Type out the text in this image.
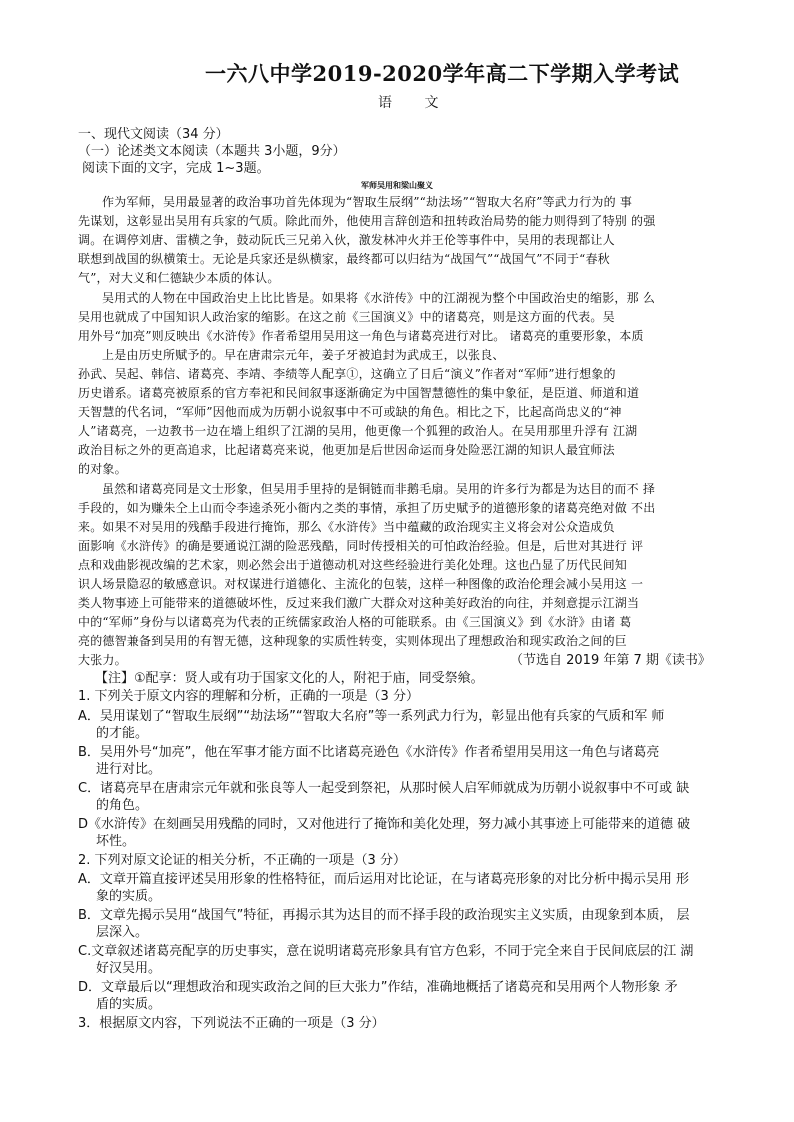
一六八中学2019-2020学年高二下学期入学考试
语 文
一、现代文阅读（34 分）
（一）论述类文本阅读（本题共 3小题，9分）
阅读下面的文字，完成 1~3题。
军师吴用和梁山聚义
作为军师，吴用最显著的政治事功首先体现为“智取生辰纲”“劫法场”“智取大名府”等武力行为的 事
先谋划，这彰显出吴用有兵家的气质。除此而外，他使用言辞创造和扭转政治局势的能力则得到了特别 的强
调。在调停刘唐、雷横之争，鼓动阮氏三兄弟入伙，激发林冲火并王伦等事件中，吴用的表现都让人
联想到战国的纵横策士。无论是兵家还是纵横家，最终都可以归结为“战国气”“战国气”不同于“春秋
气”，对大义和仁德缺少本质的体认。
吴用式的人物在中国政治史上比比皆是。如果将《水浒传》中的江湖视为整个中国政治史的缩影，那 么
吴用也就成了中国知识人政治家的缩影。在这之前《三国演义》中的诸葛亮，则是这方面的代表。吴
用外号“加亮”则反映出《水浒传》作者希望用吴用这一角色与诸葛亮进行对比。 诸葛亮的重要形象，本质
上是由历史所赋予的。早在唐肃宗元年，姜子牙被追封为武成王，以张良、
孙武、吴起、韩信、诸葛亮、李靖、李绩等人配享①，这确立了日后“演义”作者对“军师”进行想象的
历史谱系。诸葛亮被原系的官方奉祀和民间叙事逐渐确定为中国智慧德性的集中象征，是臣道、师道和道
天智慧的代名词，“军师”因他而成为历朝小说叙事中不可或缺的角色。相比之下，比起高尚忠义的“神
人”诸葛亮，一边教书一边在墙上组织了江湖的吴用，他更像一个狐狸的政治人。在吴用那里升浮有 江湖
政治目标之外的更高追求，比起诸葛亮来说，他更加是后世因命运而身处险恶江湖的知识人最宜师法
的对象。
虽然和诸葛亮同是文士形象，但吴用手里持的是铜链而非鹅毛扇。吴用的许多行为都是为达目的而不 择
手段的，如为赚朱仝上山而令李逵杀死小衙内之类的事情，承担了历史赋予的道德形象的诸葛亮绝对做 不出
来。如果不对吴用的残酷手段进行掩饰，那么《水浒传》当中蕴藏的政治现实主义将会对公众造成负
面影响《水浒传》的确是要通说江湖的险恶残酷，同时传授相关的可怕政治经验。但是，后世对其进行 评
点和戏曲影视改编的艺术家，则必然会出于道德动机对这些经验进行美化处理。这也凸显了历代民间知
识人场景隐忍的敏感意识。对权谋进行道德化、主流化的包装，这样一种图像的政治伦理会减小吴用这 一
类人物事迹上可能带来的道德破坏性，反过来我们激广大群众对这种美好政治的向往，并刻意提示江湖当
中的“军师”身份与以诸葛亮为代表的正统儒家政治人格的可能联系。由《三国演义》到《水浒》由诸 葛
亮的德智兼备到吴用的有智无德，这种现象的实质性转变，实则体现出了理想政治和现实政治之间的巨
大张力。	（节选自 2019 年第 7 期《读书》
【注】①配享：贤人或有功于国家文化的人，附祀于庙，同受祭飨。
1. 下列关于原文内容的理解和分析，正确的一项是（3 分）
A．吴用谋划了“智取生辰纲”“劫法场”“智取大名府”等一系列武力行为，彰显出他有兵家的气质和军 师
的才能。
B．吴用外号“加亮”，他在军事才能方面不比诸葛亮逊色《水浒传》作者希望用吴用这一角色与诸葛亮
进行对比。
C．诸葛亮早在唐肃宗元年就和张良等人一起受到祭祀，从那时候人启军师就成为历朝小说叙事中不可或 缺
的角色。
D《水浒传》在刻画吴用残酷的同时，又对他进行了掩饰和美化处理，努力减小其事迹上可能带来的道德 破
坏性。
2. 下列对原文论证的相关分析，不正确的一项是（3 分）
A．文章开篇直接评述吴用形象的性格特征，而后运用对比论证，在与诸葛亮形象的对比分析中揭示吴用 形
象的实质。
B．文章先揭示吴用“战国气”特征，再揭示其为达目的而不择手段的政治现实主义实质，由现象到本质， 层
层深入。
C.文章叙述诸葛亮配享的历史事实，意在说明诸葛亮形象具有官方色彩，不同于完全来自于民间底层的江 湖
好汉吴用。
D．文章最后以“理想政治和现实政治之间的巨大张力”作结，准确地概括了诸葛亮和吴用两个人物形象 矛
盾的实质。
3．根据原文内容，下列说法不正确的一项是（3 分）
